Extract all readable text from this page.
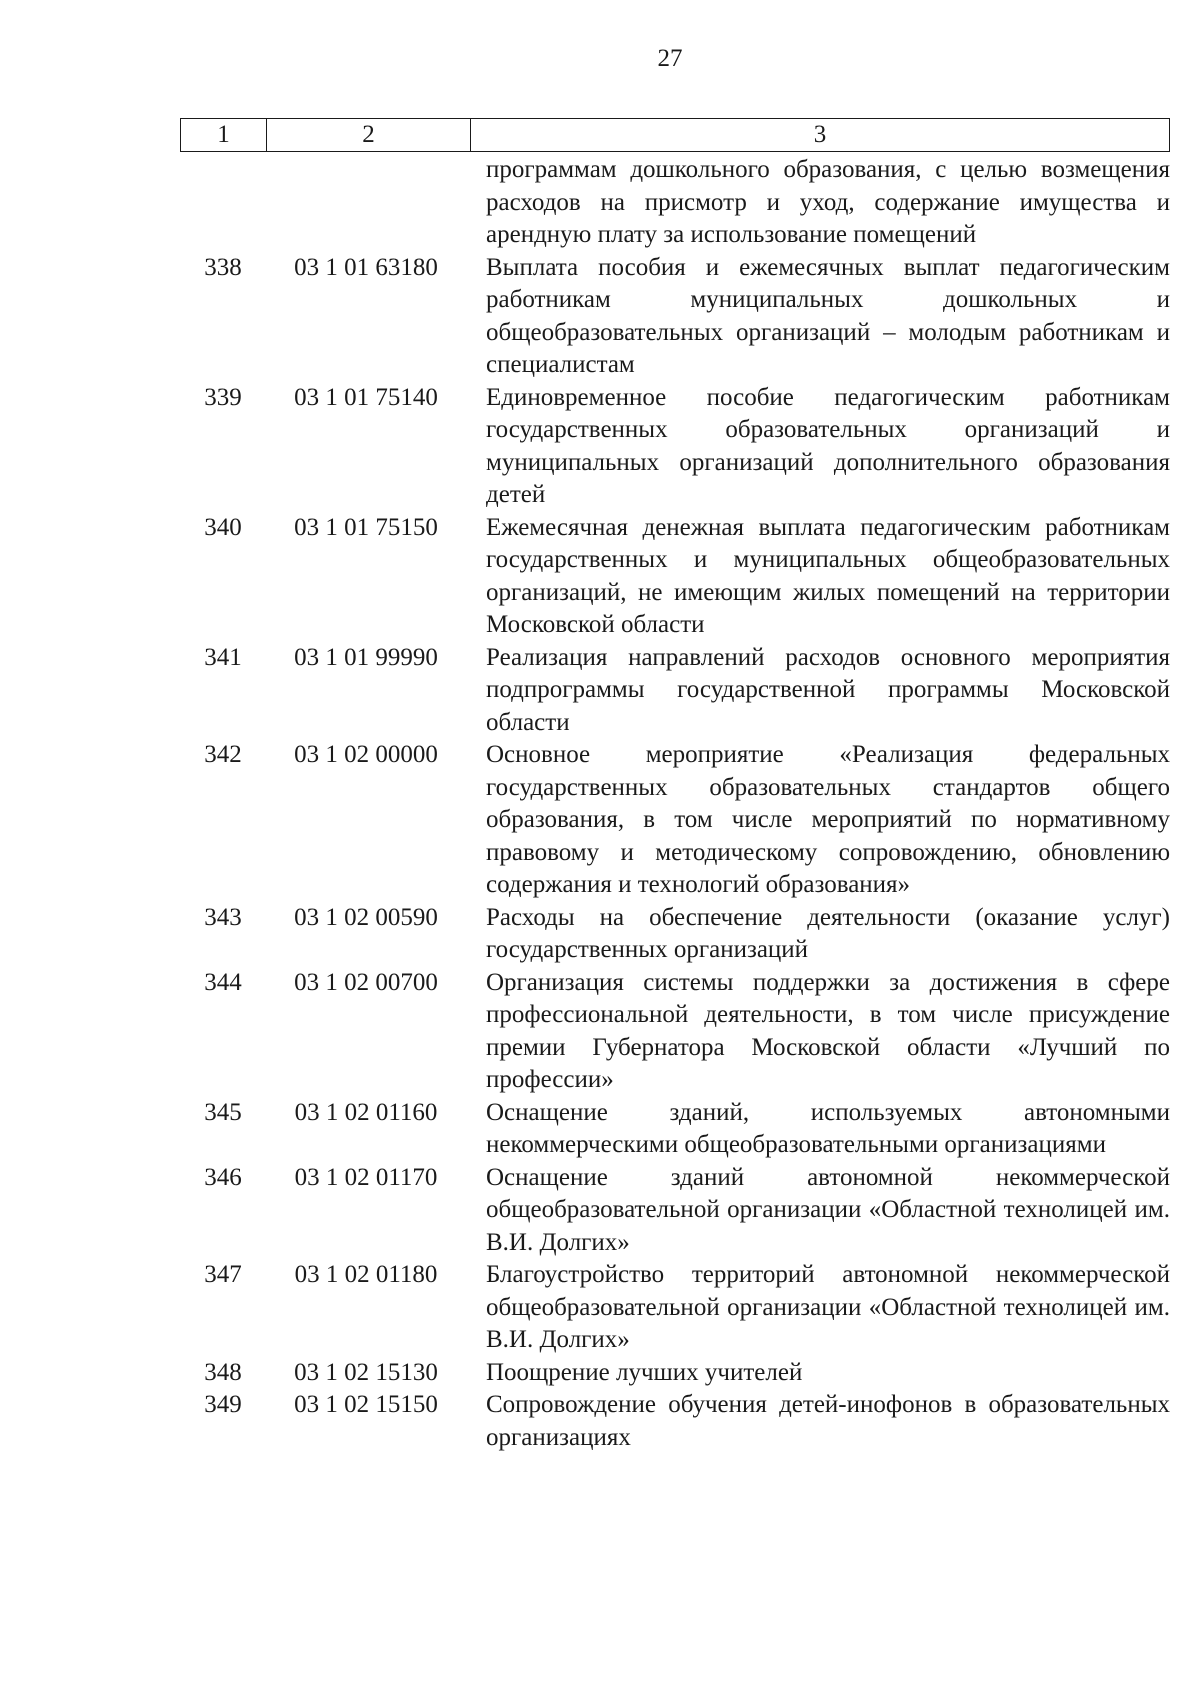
27
1	2	3
программам дошкольного образования, с целью возмещения расходов на присмотр и уход, содержание имущества и арендную плату за использование помещений
338	03 1 01 63180	Выплата пособия и ежемесячных выплат педагогическим работникам муниципальных дошкольных и общеобразовательных организаций – молодым работникам и специалистам
339	03 1 01 75140	Единовременное пособие педагогическим работникам государственных образовательных организаций и муниципальных организаций дополнительного образования детей
340	03 1 01 75150	Ежемесячная денежная выплата педагогическим работникам государственных и муниципальных общеобразовательных организаций, не имеющим жилых помещений на территории Московской области
341	03 1 01 99990	Реализация направлений расходов основного мероприятия подпрограммы государственной программы Московской области
342	03 1 02 00000	Основное мероприятие «Реализация федеральных государственных образовательных стандартов общего образования, в том числе мероприятий по нормативному правовому и методическому сопровождению, обновлению содержания и технологий образования»
343	03 1 02 00590	Расходы на обеспечение деятельности (оказание услуг) государственных организаций
344	03 1 02 00700	Организация системы поддержки за достижения в сфере профессиональной деятельности, в том числе присуждение премии Губернатора Московской области «Лучший по профессии»
345	03 1 02 01160	Оснащение зданий, используемых автономными некоммерческими общеобразовательными организациями
346	03 1 02 01170	Оснащение зданий автономной некоммерческой общеобразовательной организации «Областной технолицей им. В.И. Долгих»
347	03 1 02 01180	Благоустройство территорий автономной некоммерческой общеобразовательной организации «Областной технолицей им. В.И. Долгих»
348	03 1 02 15130	Поощрение лучших учителей
349	03 1 02 15150	Сопровождение обучения детей-инофонов в образовательных организациях
